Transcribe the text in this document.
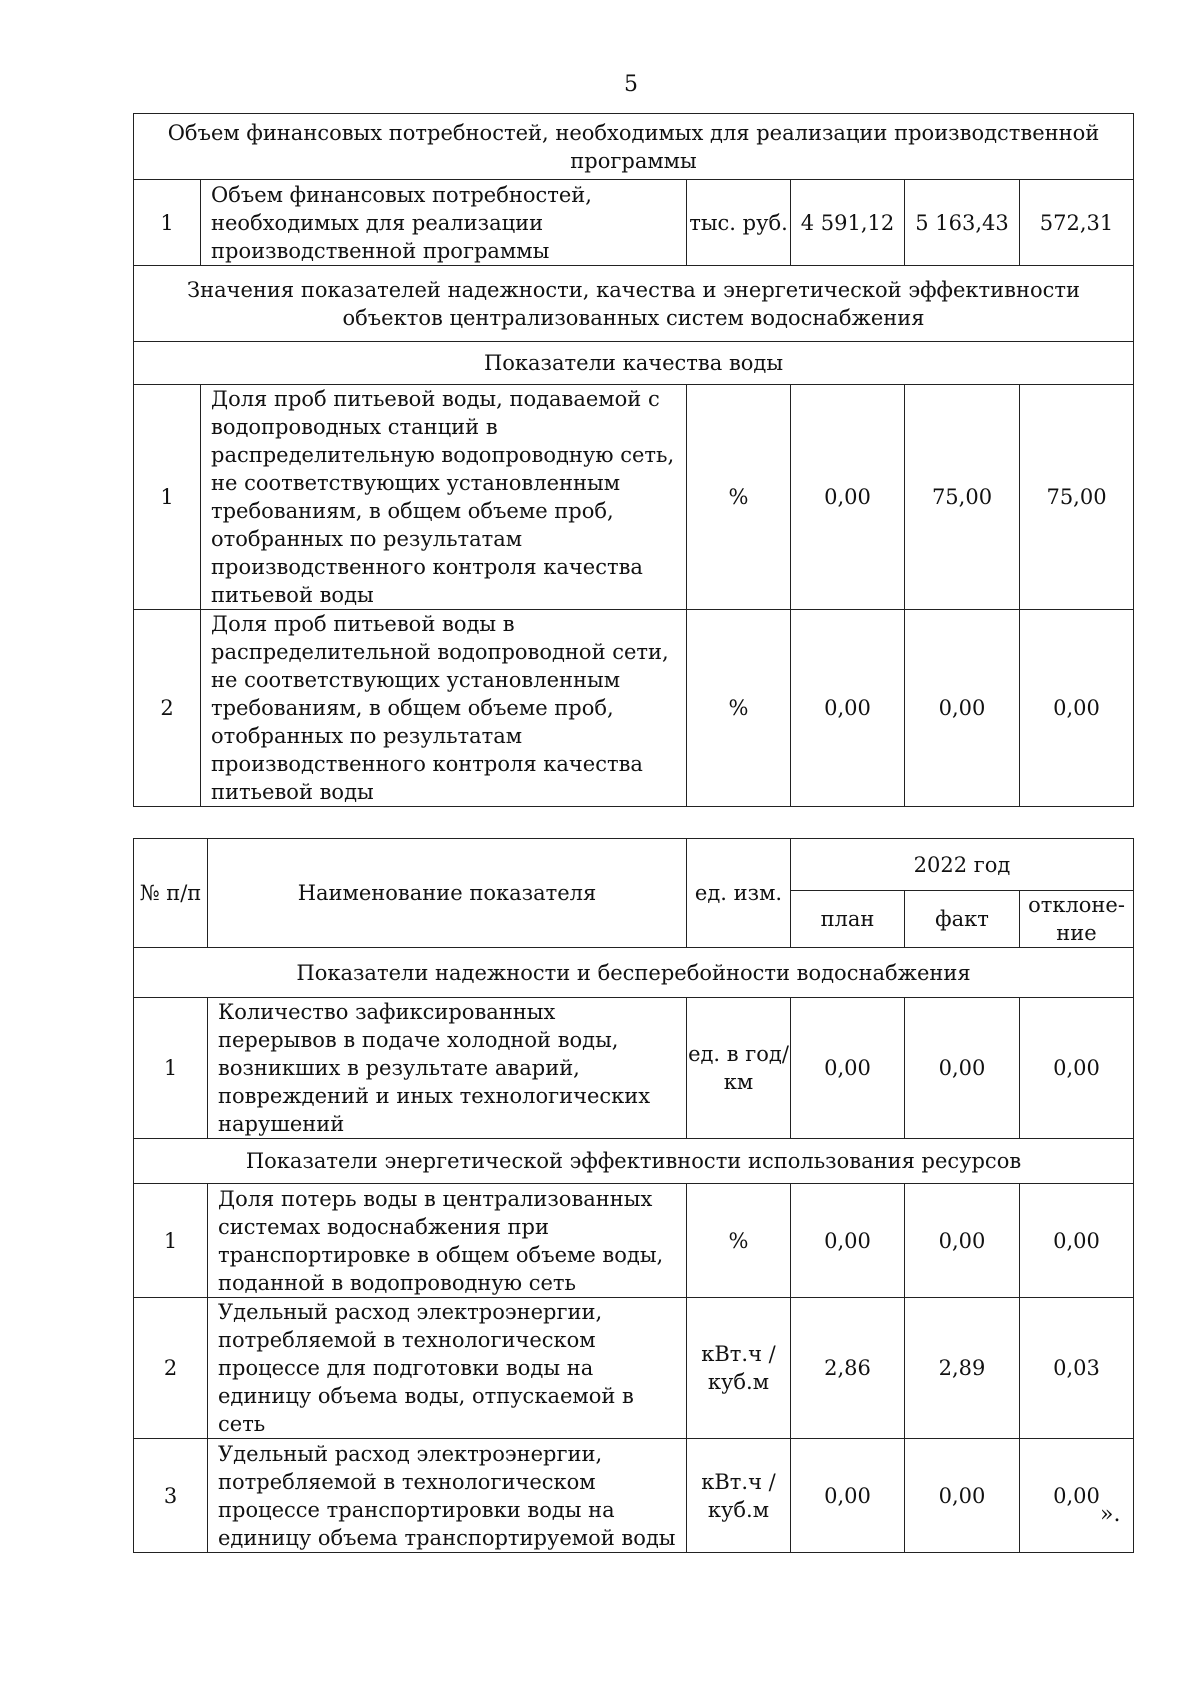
5
Объем финансовых потребностей, необходимых для реализации производственной программы					
1	Объем финансовых потребностей, необходимых для реализации производственной программы	тыс. руб.	4 591,12	5 163,43	572,31
Значения показателей надежности, качества и энергетической эффективности объектов централизованных систем водоснабжения					
Показатели качества воды					
1	Доля проб питьевой воды, подаваемой с водопроводных станций в распределительную водопроводную сеть, не соответствующих установленным требованиям, в общем объеме проб, отобранных по результатам производственного контроля качества питьевой воды	%	0,00	75,00	75,00
2	Доля проб питьевой воды в распределительной водопроводной сети, не соответствующих установленным требованиям, в общем объеме проб, отобранных по результатам производственного контроля качества питьевой воды	%	0,00	0,00	0,00
№ п/п	Наименование показателя	ед. изм.	2022 год		
			план	факт	отклоне-ние
Показатели надежности и бесперебойности водоснабжения					
1	Количество зафиксированных перерывов в подаче холодной воды, возникших в результате аварий, повреждений и иных технологических нарушений	ед. в год/ км	0,00	0,00	0,00
Показатели энергетической эффективности использования ресурсов					
1	Доля потерь воды в централизованных системах водоснабжения при транспортировке в общем объеме воды, поданной в водопроводную сеть	%	0,00	0,00	0,00
2	Удельный расход электроэнергии, потребляемой в технологическом процессе для подготовки воды на единицу объема воды, отпускаемой в сеть	кВт.ч / куб.м	2,86	2,89	0,03
3	Удельный расход электроэнергии, потребляемой в технологическом процессе транспортировки воды на единицу объема транспортируемой воды	кВт.ч / куб.м	0,00	0,00	0,00
».
